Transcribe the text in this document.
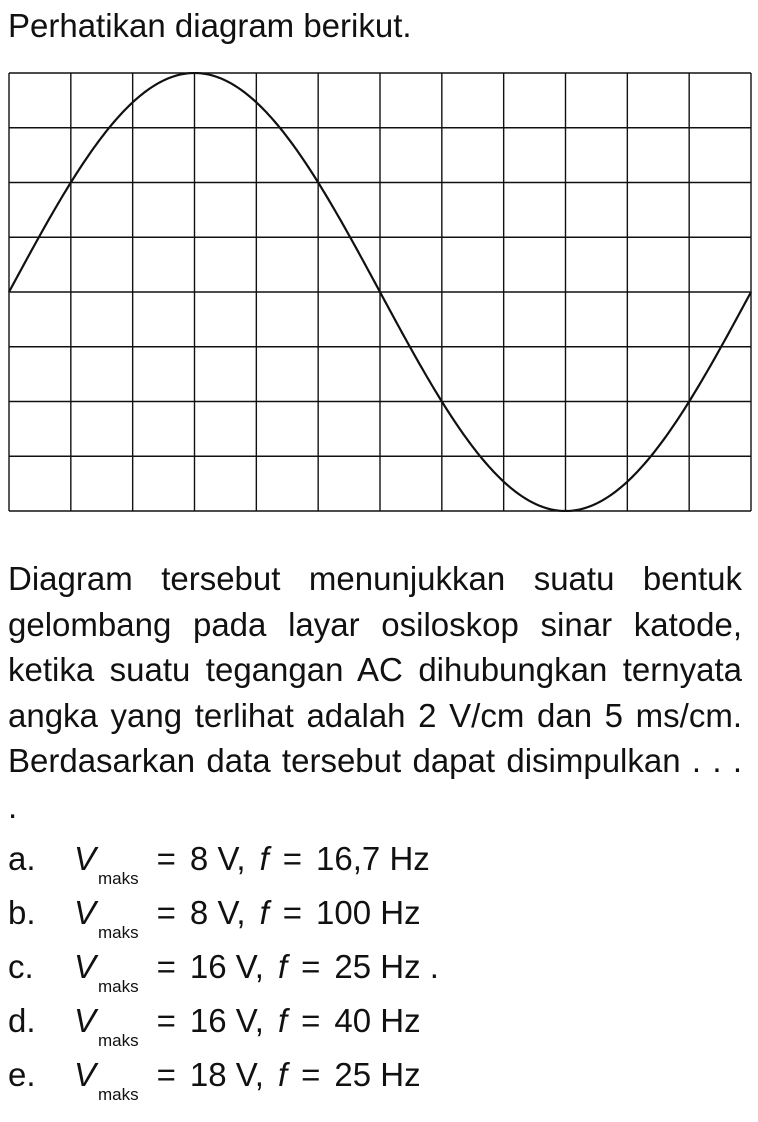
Perhatikan diagram berikut.
Diagram tersebut menunjukkan suatu bentuk gelombang pada layar osiloskop sinar katode, ketika suatu tegangan AC dihubungkan ternyata angka yang terlihat adalah 2 V/cm dan 5 ms/cm. Berdasarkan data tersebut dapat disimpulkan . . . .
a.	V
maks
= 8 V, f = 16,7 Hz
b.	V
maks
= 8 V, f = 100 Hz
c.	V
maks
= 16 V, f = 25 Hz .
d.	V
maks
= 16 V, f = 40 Hz
e.	V
maks
= 18 V, f = 25 Hz
